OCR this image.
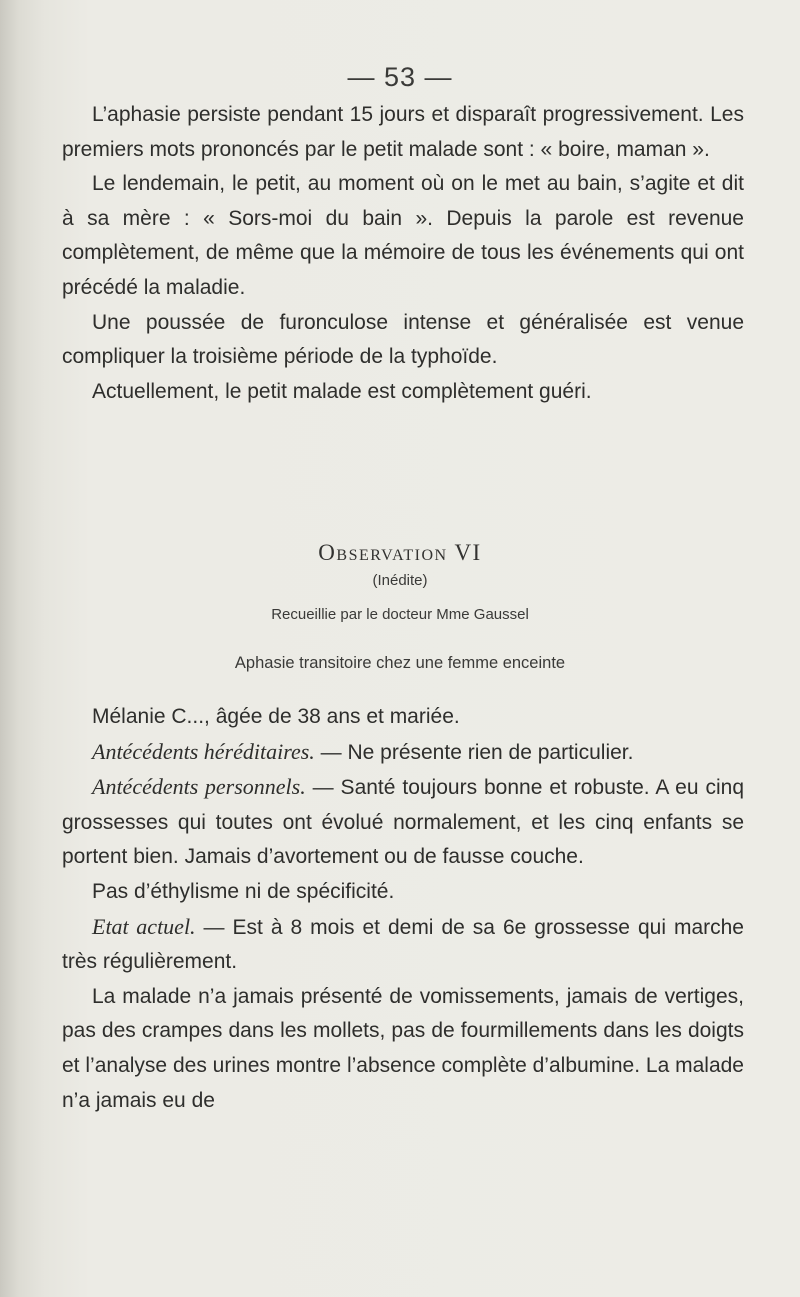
— 53 —

L’aphasie persiste pendant 15 jours et disparaît progressivement. Les premiers mots prononcés par le petit malade sont : « boire, maman ».

Le lendemain, le petit, au moment où on le met au bain, s’agite et dit à sa mère : « Sors-moi du bain ». Depuis la parole est revenue complètement, de même que la mémoire de tous les événements qui ont précédé la maladie.

Une poussée de furonculose intense et généralisée est venue compliquer la troisième période de la typhoïde.

Actuellement, le petit malade est complètement guéri.

Observation VI
(Inédite)
Recueillie par le docteur Mme Gaussel
Aphasie transitoire chez une femme enceinte

Mélanie C..., âgée de 38 ans et mariée.

Antécédents héréditaires. — Ne présente rien de particulier.

Antécédents personnels. — Santé toujours bonne et robuste. A eu cinq grossesses qui toutes ont évolué normalement, et les cinq enfants se portent bien. Jamais d’avortement ou de fausse couche.

Pas d’éthylisme ni de spécificité.

Etat actuel. — Est à 8 mois et demi de sa 6e grossesse qui marche très régulièrement.

La malade n’a jamais présenté de vomissements, jamais de vertiges, pas des crampes dans les mollets, pas de fourmillements dans les doigts et l’analyse des urines montre l’absence complète d’albumine. La malade n’a jamais eu de
